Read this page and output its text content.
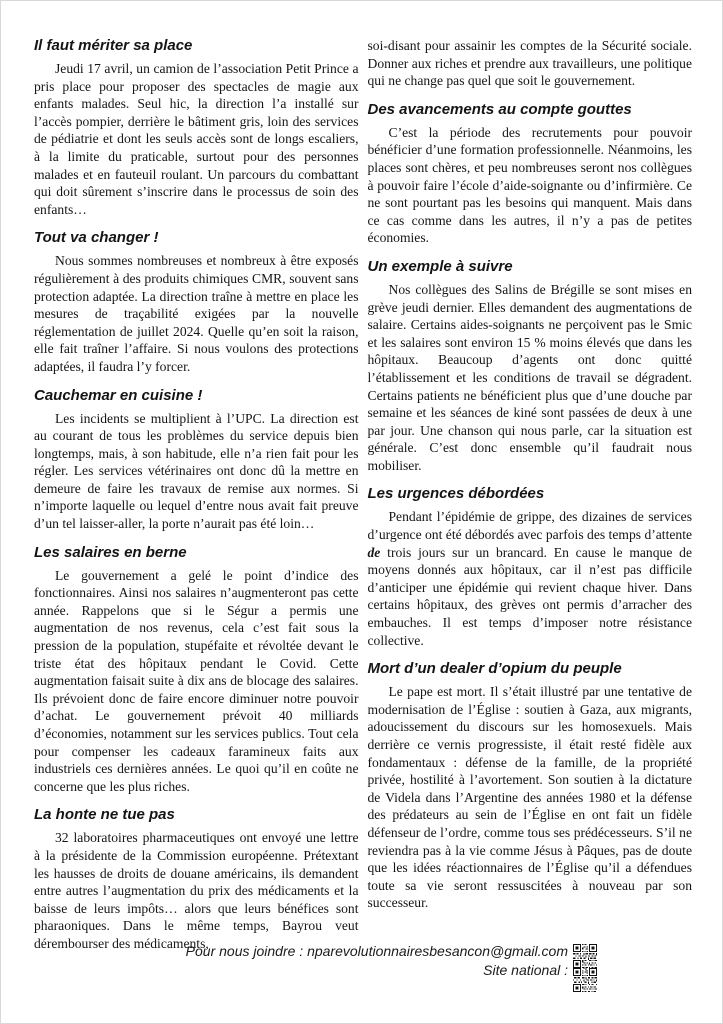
Il faut mériter sa place

Jeudi 17 avril, un camion de l’association Petit Prince a pris place pour proposer des spectacles de magie aux enfants malades. Seul hic, la direction l’a installé sur l’accès pompier, derrière le bâtiment gris, loin des services de pédiatrie et dont les seuls accès sont de longs escaliers, à la limite du praticable, surtout pour des personnes malades et en fauteuil roulant. Un parcours du combattant qui doit sûrement s’inscrire dans le processus de soin des enfants…

Tout va changer !

Nous sommes nombreuses et nombreux à être exposés régulièrement à des produits chimiques CMR, souvent sans protection adaptée. La direction traîne à mettre en place les mesures de traçabilité exigées par la nouvelle réglementation de juillet 2024. Quelle qu’en soit la raison, elle fait traîner l’affaire. Si nous voulons des protections adaptées, il faudra l’y forcer.

Cauchemar en cuisine !

Les incidents se multiplient à l’UPC. La direction est au courant de tous les problèmes du service depuis bien longtemps, mais, à son habitude, elle n’a rien fait pour les régler. Les services vétérinaires ont donc dû la mettre en demeure de faire les travaux de remise aux normes. Si n’importe laquelle ou lequel d’entre nous avait fait preuve d’un tel laisser-aller, la porte n’aurait pas été loin…

Les salaires en berne

Le gouvernement a gelé le point d’indice des fonctionnaires. Ainsi nos salaires n’augmenteront pas cette année. Rappelons que si le Ségur a permis une augmentation de nos revenus, cela c’est fait sous la pression de la population, stupéfaite et révoltée devant le triste état des hôpitaux pendant le Covid. Cette augmentation faisait suite à dix ans de blocage des salaires. Ils prévoient donc de faire encore diminuer notre pouvoir d’achat. Le gouvernement prévoit 40 milliards d’économies, notamment sur les services publics. Tout cela pour compenser les cadeaux faramineux faits aux industriels ces dernières années. Le quoi qu’il en coûte ne concerne que les plus riches.

La honte ne tue pas

32 laboratoires pharmaceutiques ont envoyé une lettre à la présidente de la Commission européenne. Prétextant les hausses de droits de douane américains, ils demandent entre autres l’augmentation du prix des médicaments et la baisse de leurs impôts… alors que leurs bénéfices sont pharaoniques. Dans le même temps, Bayrou veut dérembourser des médicaments,

soi-disant pour assainir les comptes de la Sécurité sociale. Donner aux riches et prendre aux travailleurs, une politique qui ne change pas quel que soit le gouvernement.

Des avancements au compte gouttes

C’est la période des recrutements pour pouvoir bénéficier d’une formation professionnelle. Néanmoins, les places sont chères, et peu nombreuses seront nos collègues à pouvoir faire l’école d’aide-soignante ou d’infirmière. Ce ne sont pourtant pas les besoins qui manquent. Mais dans ce cas comme dans les autres, il n’y a pas de petites économies.

Un exemple à suivre

Nos collègues des Salins de Brégille se sont mises en grève jeudi dernier. Elles demandent des augmentations de salaire. Certains aides-soignants ne perçoivent pas le Smic et les salaires sont environ 15 % moins élevés que dans les hôpitaux. Beaucoup d’agents ont donc quitté l’établissement et les conditions de travail se dégradent. Certains patients ne bénéficient plus que d’une douche par semaine et les séances de kiné sont passées de deux à une par jour. Une chanson qui nous parle, car la situation est générale. C’est donc ensemble qu’il faudrait nous mobiliser.

Les urgences débordées

Pendant l’épidémie de grippe, des dizaines de services d’urgence ont été débordés avec parfois des temps d’attente de trois jours sur un brancard. En cause le manque de moyens donnés aux hôpitaux, car il n’est pas difficile d’anticiper une épidémie qui revient chaque hiver. Dans certains hôpitaux, des grèves ont permis d’arracher des embauches. Il est temps d’imposer notre résistance collective.

Mort d’un dealer d’opium du peuple

Le pape est mort. Il s’était illustré par une tentative de modernisation de l’Église : soutien à Gaza, aux migrants, adoucissement du discours sur les homosexuels. Mais derrière ce vernis progressiste, il était resté fidèle aux fondamentaux : défense de la famille, de la propriété privée, hostilité à l’avortement. Son soutien à la dictature de Videla dans l’Argentine des années 1980 et la défense des prédateurs au sein de l’Église en ont fait un fidèle défenseur de l’ordre, comme tous ses prédécesseurs. S’il ne reviendra pas à la vie comme Jésus à Pâques, pas de doute que les idées réactionnaires de l’Église qu’il a défendues toute sa vie seront ressuscitées à nouveau par son successeur.

Pour nous joindre : nparevolutionnairesbesancon@gmail.com
Site national :
